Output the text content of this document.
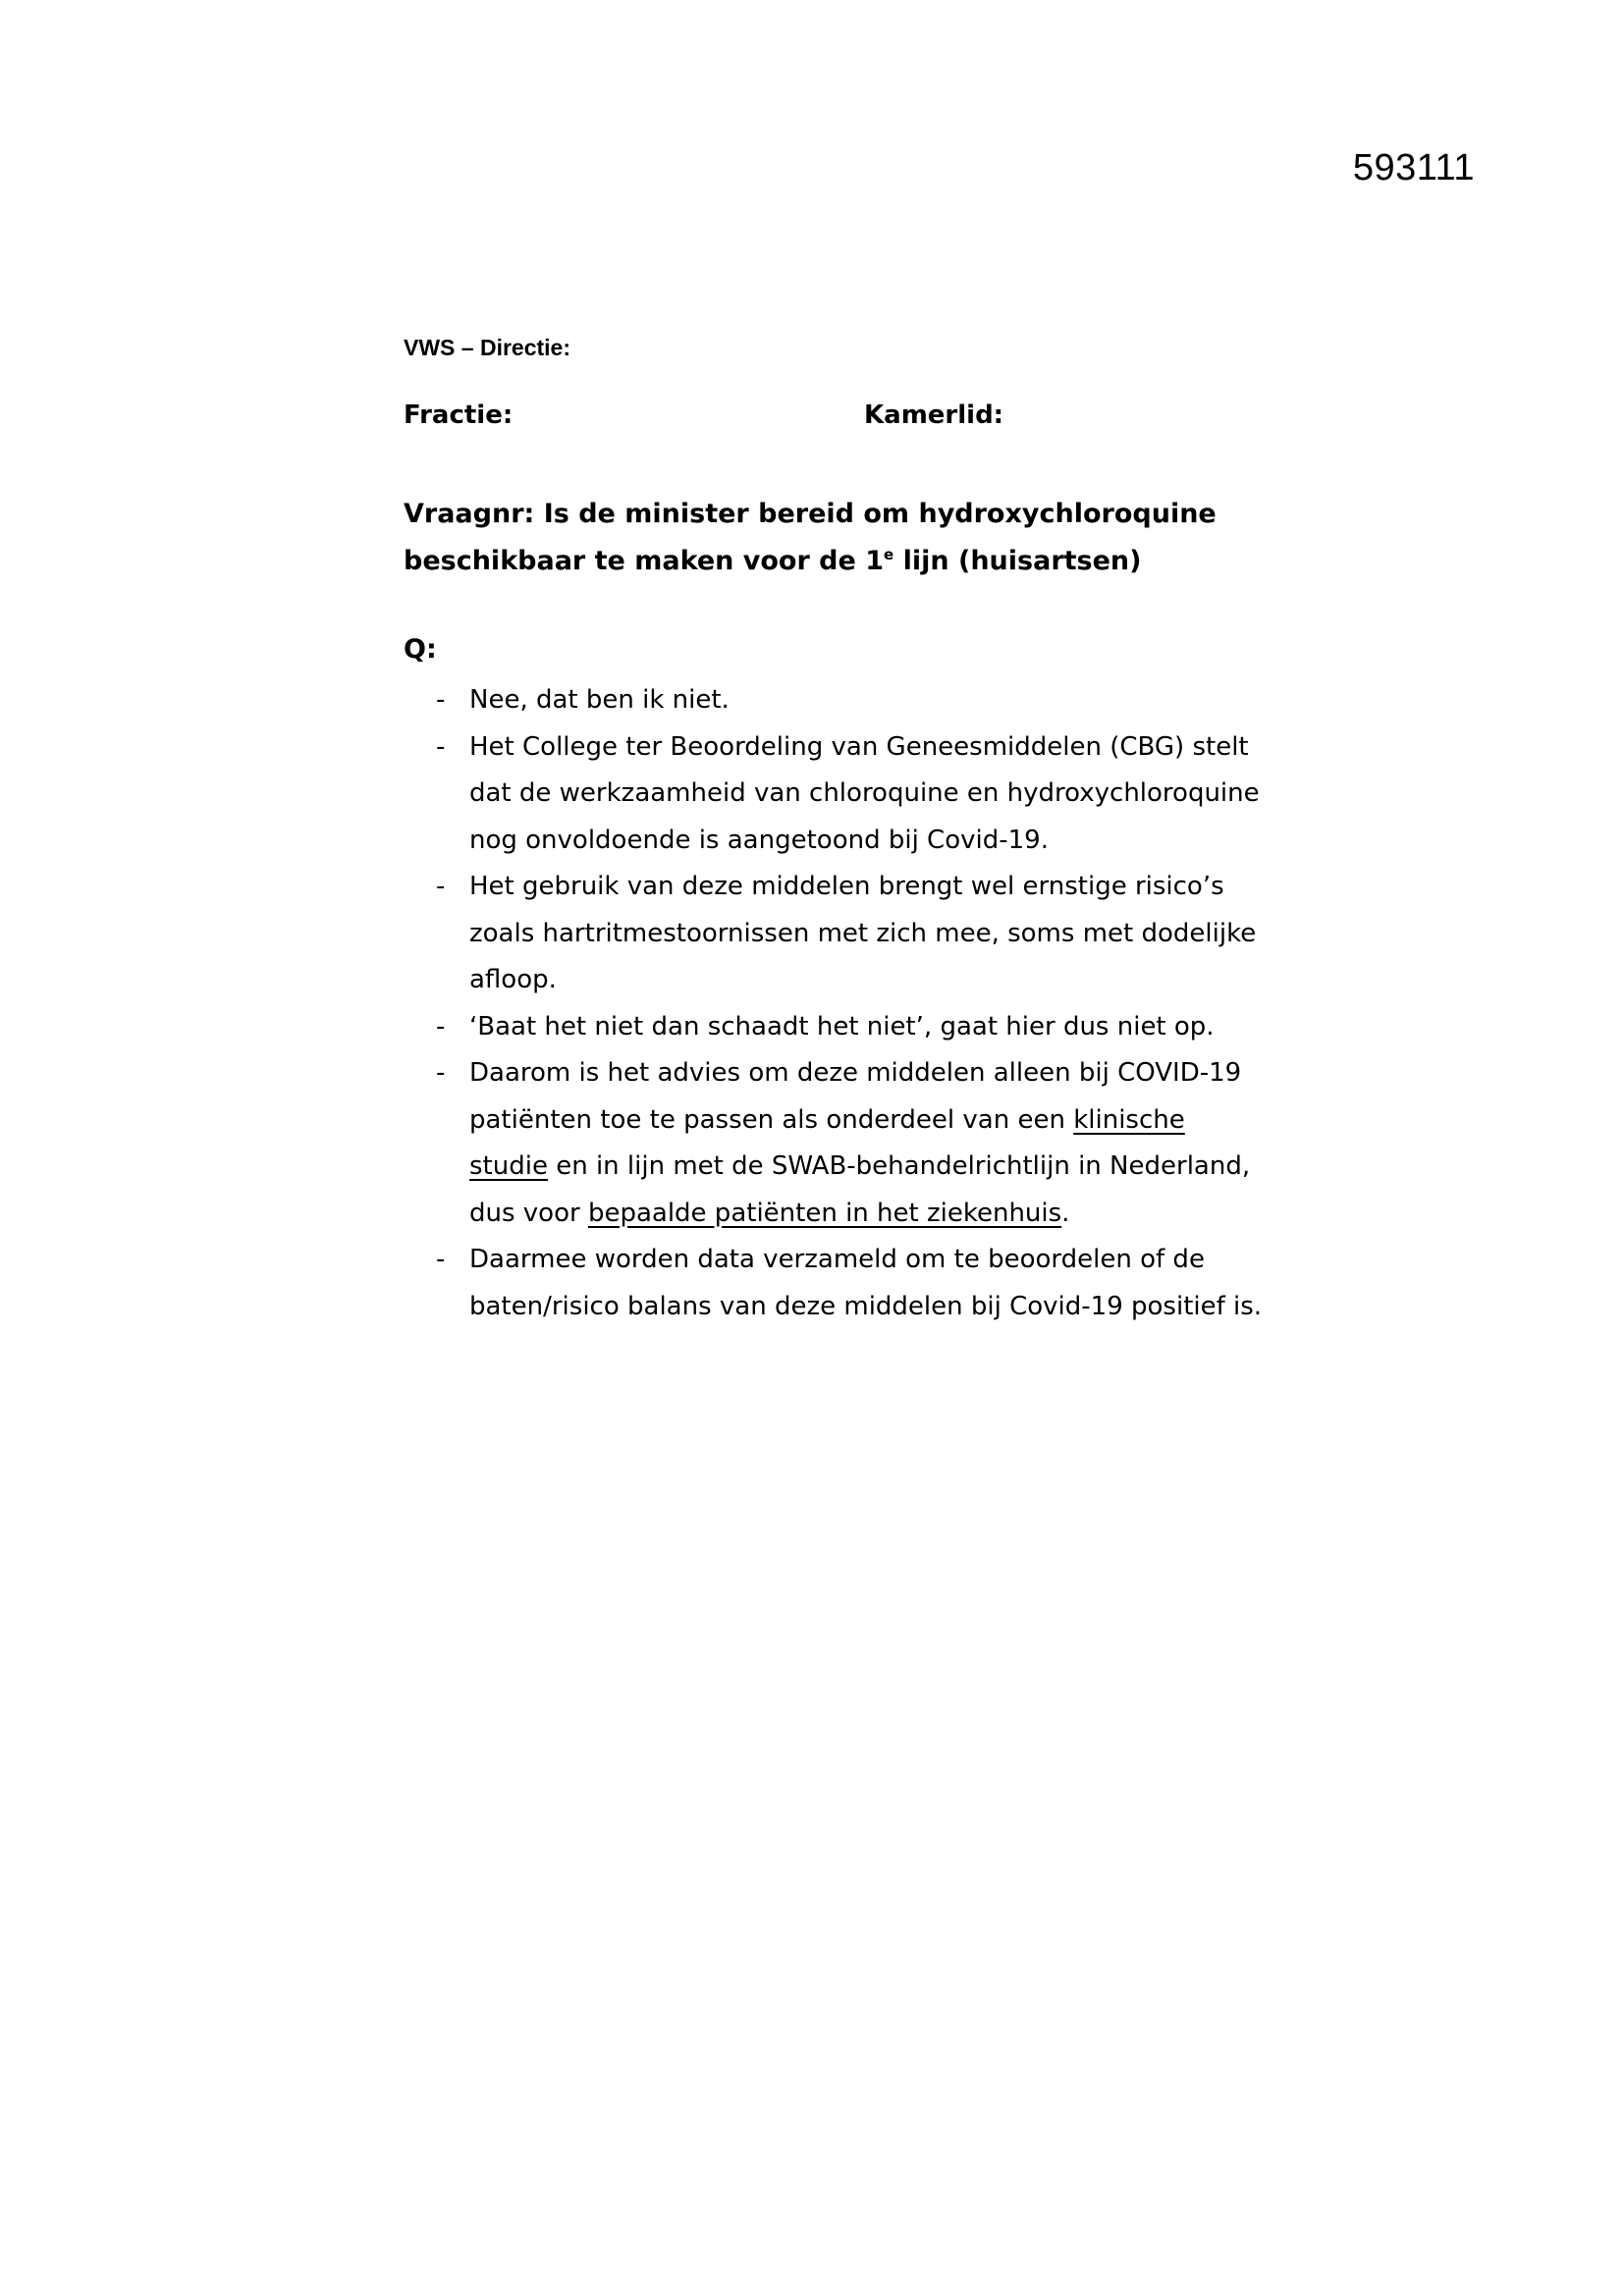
593111
VWS – Directie:
Fractie:	Kamerlid:
Vraagnr: Is de minister bereid om hydroxychloroquine
beschikbaar te maken voor de 1e lijn (huisartsen)
Q:
- Nee, dat ben ik niet.
- Het College ter Beoordeling van Geneesmiddelen (CBG) stelt dat de werkzaamheid van chloroquine en hydroxychloroquine nog onvoldoende is aangetoond bij Covid-19.
- Het gebruik van deze middelen brengt wel ernstige risico’s zoals hartritmestoornissen met zich mee, soms met dodelijke afloop.
- ‘Baat het niet dan schaadt het niet’, gaat hier dus niet op.
- Daarom is het advies om deze middelen alleen bij COVID-19 patiënten toe te passen als onderdeel van een klinische studie en in lijn met de SWAB-behandelrichtlijn in Nederland, dus voor bepaalde patiënten in het ziekenhuis.
- Daarmee worden data verzameld om te beoordelen of de baten/risico balans van deze middelen bij Covid-19 positief is.
